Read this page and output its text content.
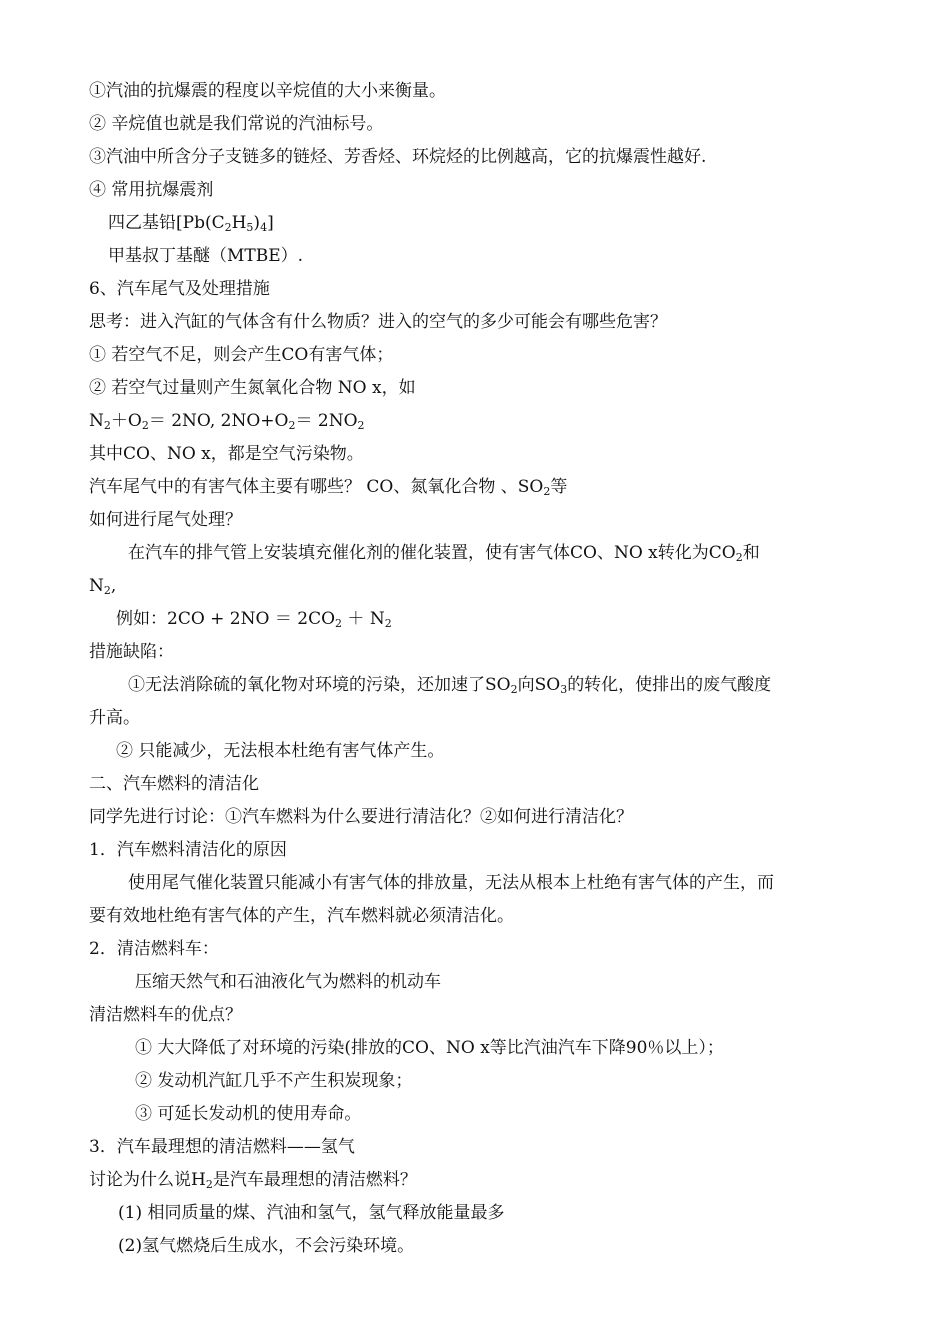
①汽油的抗爆震的程度以辛烷值的大小来衡量。
② 辛烷值也就是我们常说的汽油标号。
③汽油中所含分子支链多的链烃、芳香烃、环烷烃的比例越高，它的抗爆震性越好.
④ 常用抗爆震剂
四乙基铅$[Pb(C_2H_5)_4]$
甲基叔丁基醚（MTBE）.
6、汽车尾气及处理措施
思考：进入汽缸的气体含有什么物质？进入的空气的多少可能会有哪些危害？
① 若空气不足，则会产生CO有害气体；
② 若空气过量则产生氮氧化合物 NO x，如
$N_2+O_2= 2NO$, $2NO+O_2= 2NO_2$
其中CO、NO x，都是空气污染物。
汽车尾气中的有害气体主要有哪些？ CO、氮氧化合物 、$SO_2$等
如何进行尾气处理？
在汽车的排气管上安装填充催化剂的催化装置，使有害气体CO、NO x转化为$CO_2$和
$N_2$,
例如：$2CO + 2NO = 2CO_2 + N_2$
措施缺陷：
①无法消除硫的氧化物对环境的污染，还加速了$SO_2$向$SO_3$的转化，使排出的废气酸度
升高。
② 只能减少，无法根本杜绝有害气体产生。
二、汽车燃料的清洁化
同学先进行讨论：①汽车燃料为什么要进行清洁化？②如何进行清洁化？
1．汽车燃料清洁化的原因
使用尾气催化装置只能减小有害气体的排放量，无法从根本上杜绝有害气体的产生，而
要有效地杜绝有害气体的产生，汽车燃料就必须清洁化。
2．清洁燃料车：
压缩天然气和石油液化气为燃料的机动车
清洁燃料车的优点？
① 大大降低了对环境的污染(排放的CO、NO x等比汽油汽车下降90％以上）；
② 发动机汽缸几乎不产生积炭现象；
③ 可延长发动机的使用寿命。
3．汽车最理想的清洁燃料——氢气
讨论为什么说$H_2$是汽车最理想的清洁燃料？
(1) 相同质量的煤、汽油和氢气，氢气释放能量最多
(2)氢气燃烧后生成水，不会污染环境。
